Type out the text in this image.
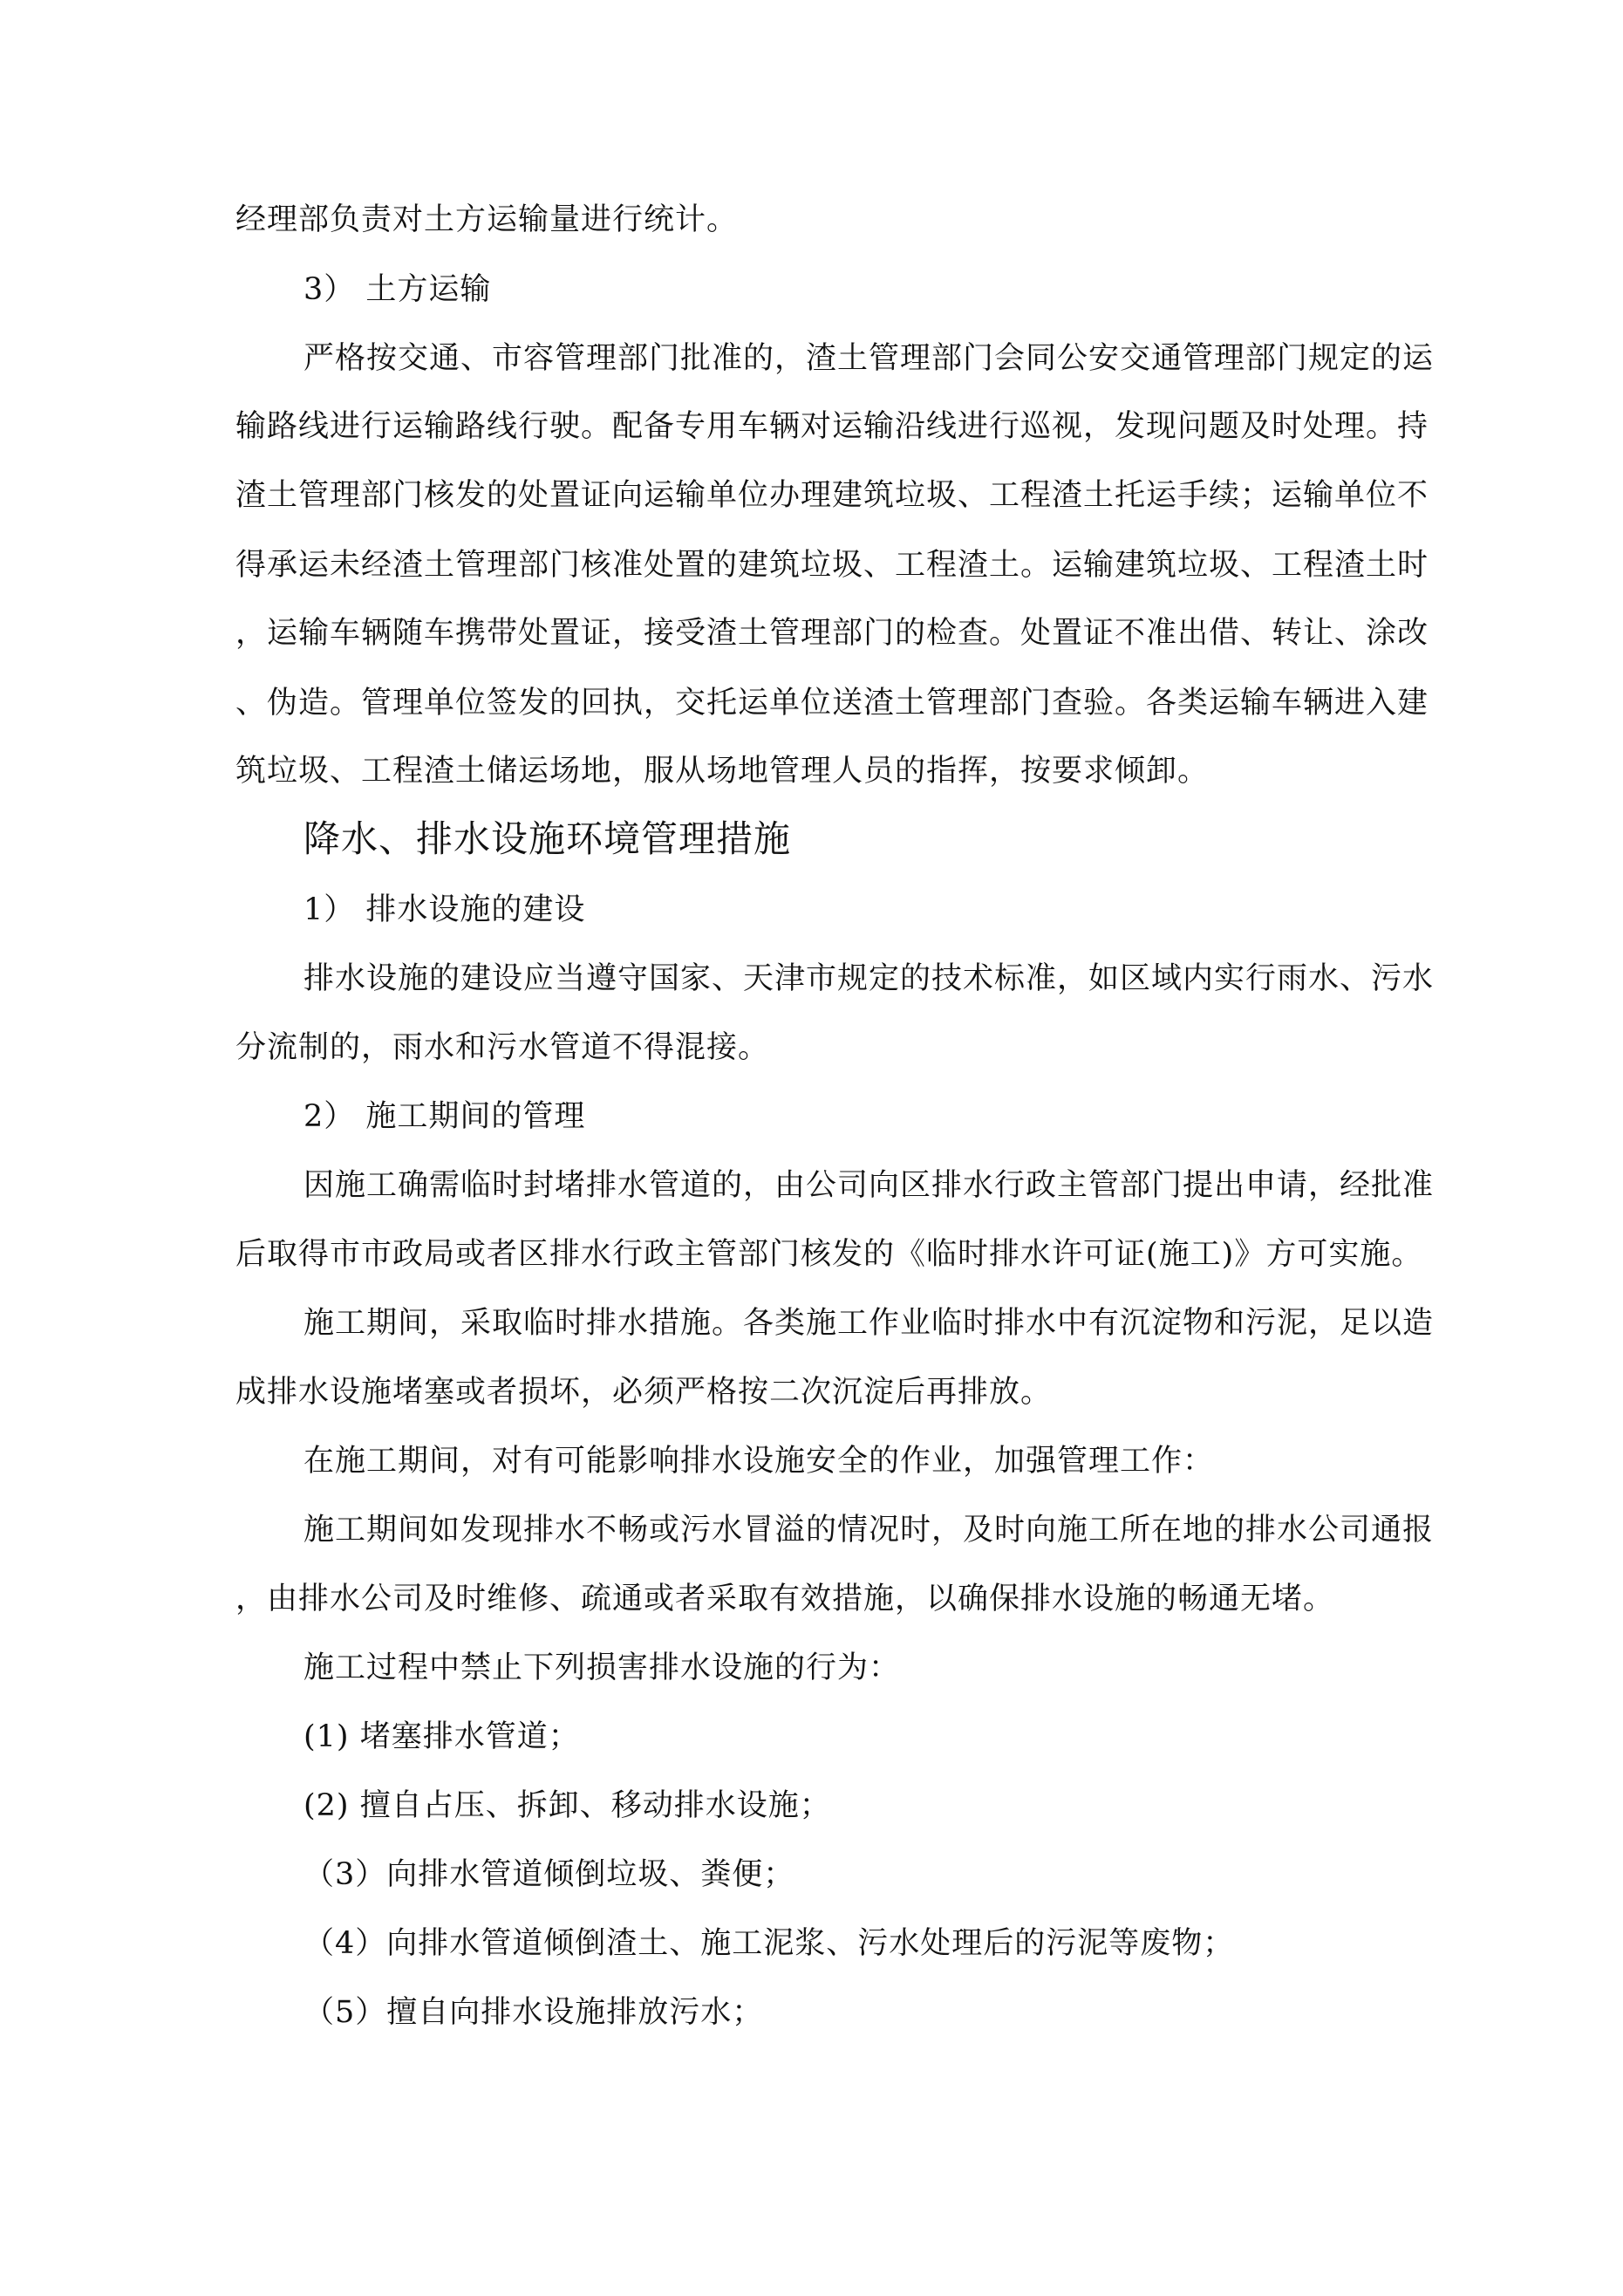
经理部负责对土方运输量进行统计。

3） 土方运输

严格按交通、市容管理部门批准的，渣土管理部门会同公安交通管理部门规定的运

输路线进行运输路线行驶。配备专用车辆对运输沿线进行巡视，发现问题及时处理。持

渣土管理部门核发的处置证向运输单位办理建筑垃圾、工程渣土托运手续；运输单位不

得承运未经渣土管理部门核准处置的建筑垃圾、工程渣土。运输建筑垃圾、工程渣土时

，运输车辆随车携带处置证，接受渣土管理部门的检查。处置证不准出借、转让、涂改

、伪造。管理单位签发的回执，交托运单位送渣土管理部门查验。各类运输车辆进入建

筑垃圾、工程渣土储运场地，服从场地管理人员的指挥，按要求倾卸。

降水、排水设施环境管理措施

1） 排水设施的建设

排水设施的建设应当遵守国家、天津市规定的技术标准，如区域内实行雨水、污水

分流制的，雨水和污水管道不得混接。

2） 施工期间的管理

因施工确需临时封堵排水管道的，由公司向区排水行政主管部门提出申请，经批准

后取得市市政局或者区排水行政主管部门核发的《临时排水许可证(施工)》方可实施。

施工期间，采取临时排水措施。各类施工作业临时排水中有沉淀物和污泥，足以造

成排水设施堵塞或者损坏，必须严格按二次沉淀后再排放。

在施工期间，对有可能影响排水设施安全的作业，加强管理工作：

施工期间如发现排水不畅或污水冒溢的情况时，及时向施工所在地的排水公司通报

，由排水公司及时维修、疏通或者采取有效措施，以确保排水设施的畅通无堵。

施工过程中禁止下列损害排水设施的行为：

(1) 堵塞排水管道；

(2) 擅自占压、拆卸、移动排水设施；

（3）向排水管道倾倒垃圾、粪便；

（4）向排水管道倾倒渣土、施工泥浆、污水处理后的污泥等废物；

（5）擅自向排水设施排放污水；
